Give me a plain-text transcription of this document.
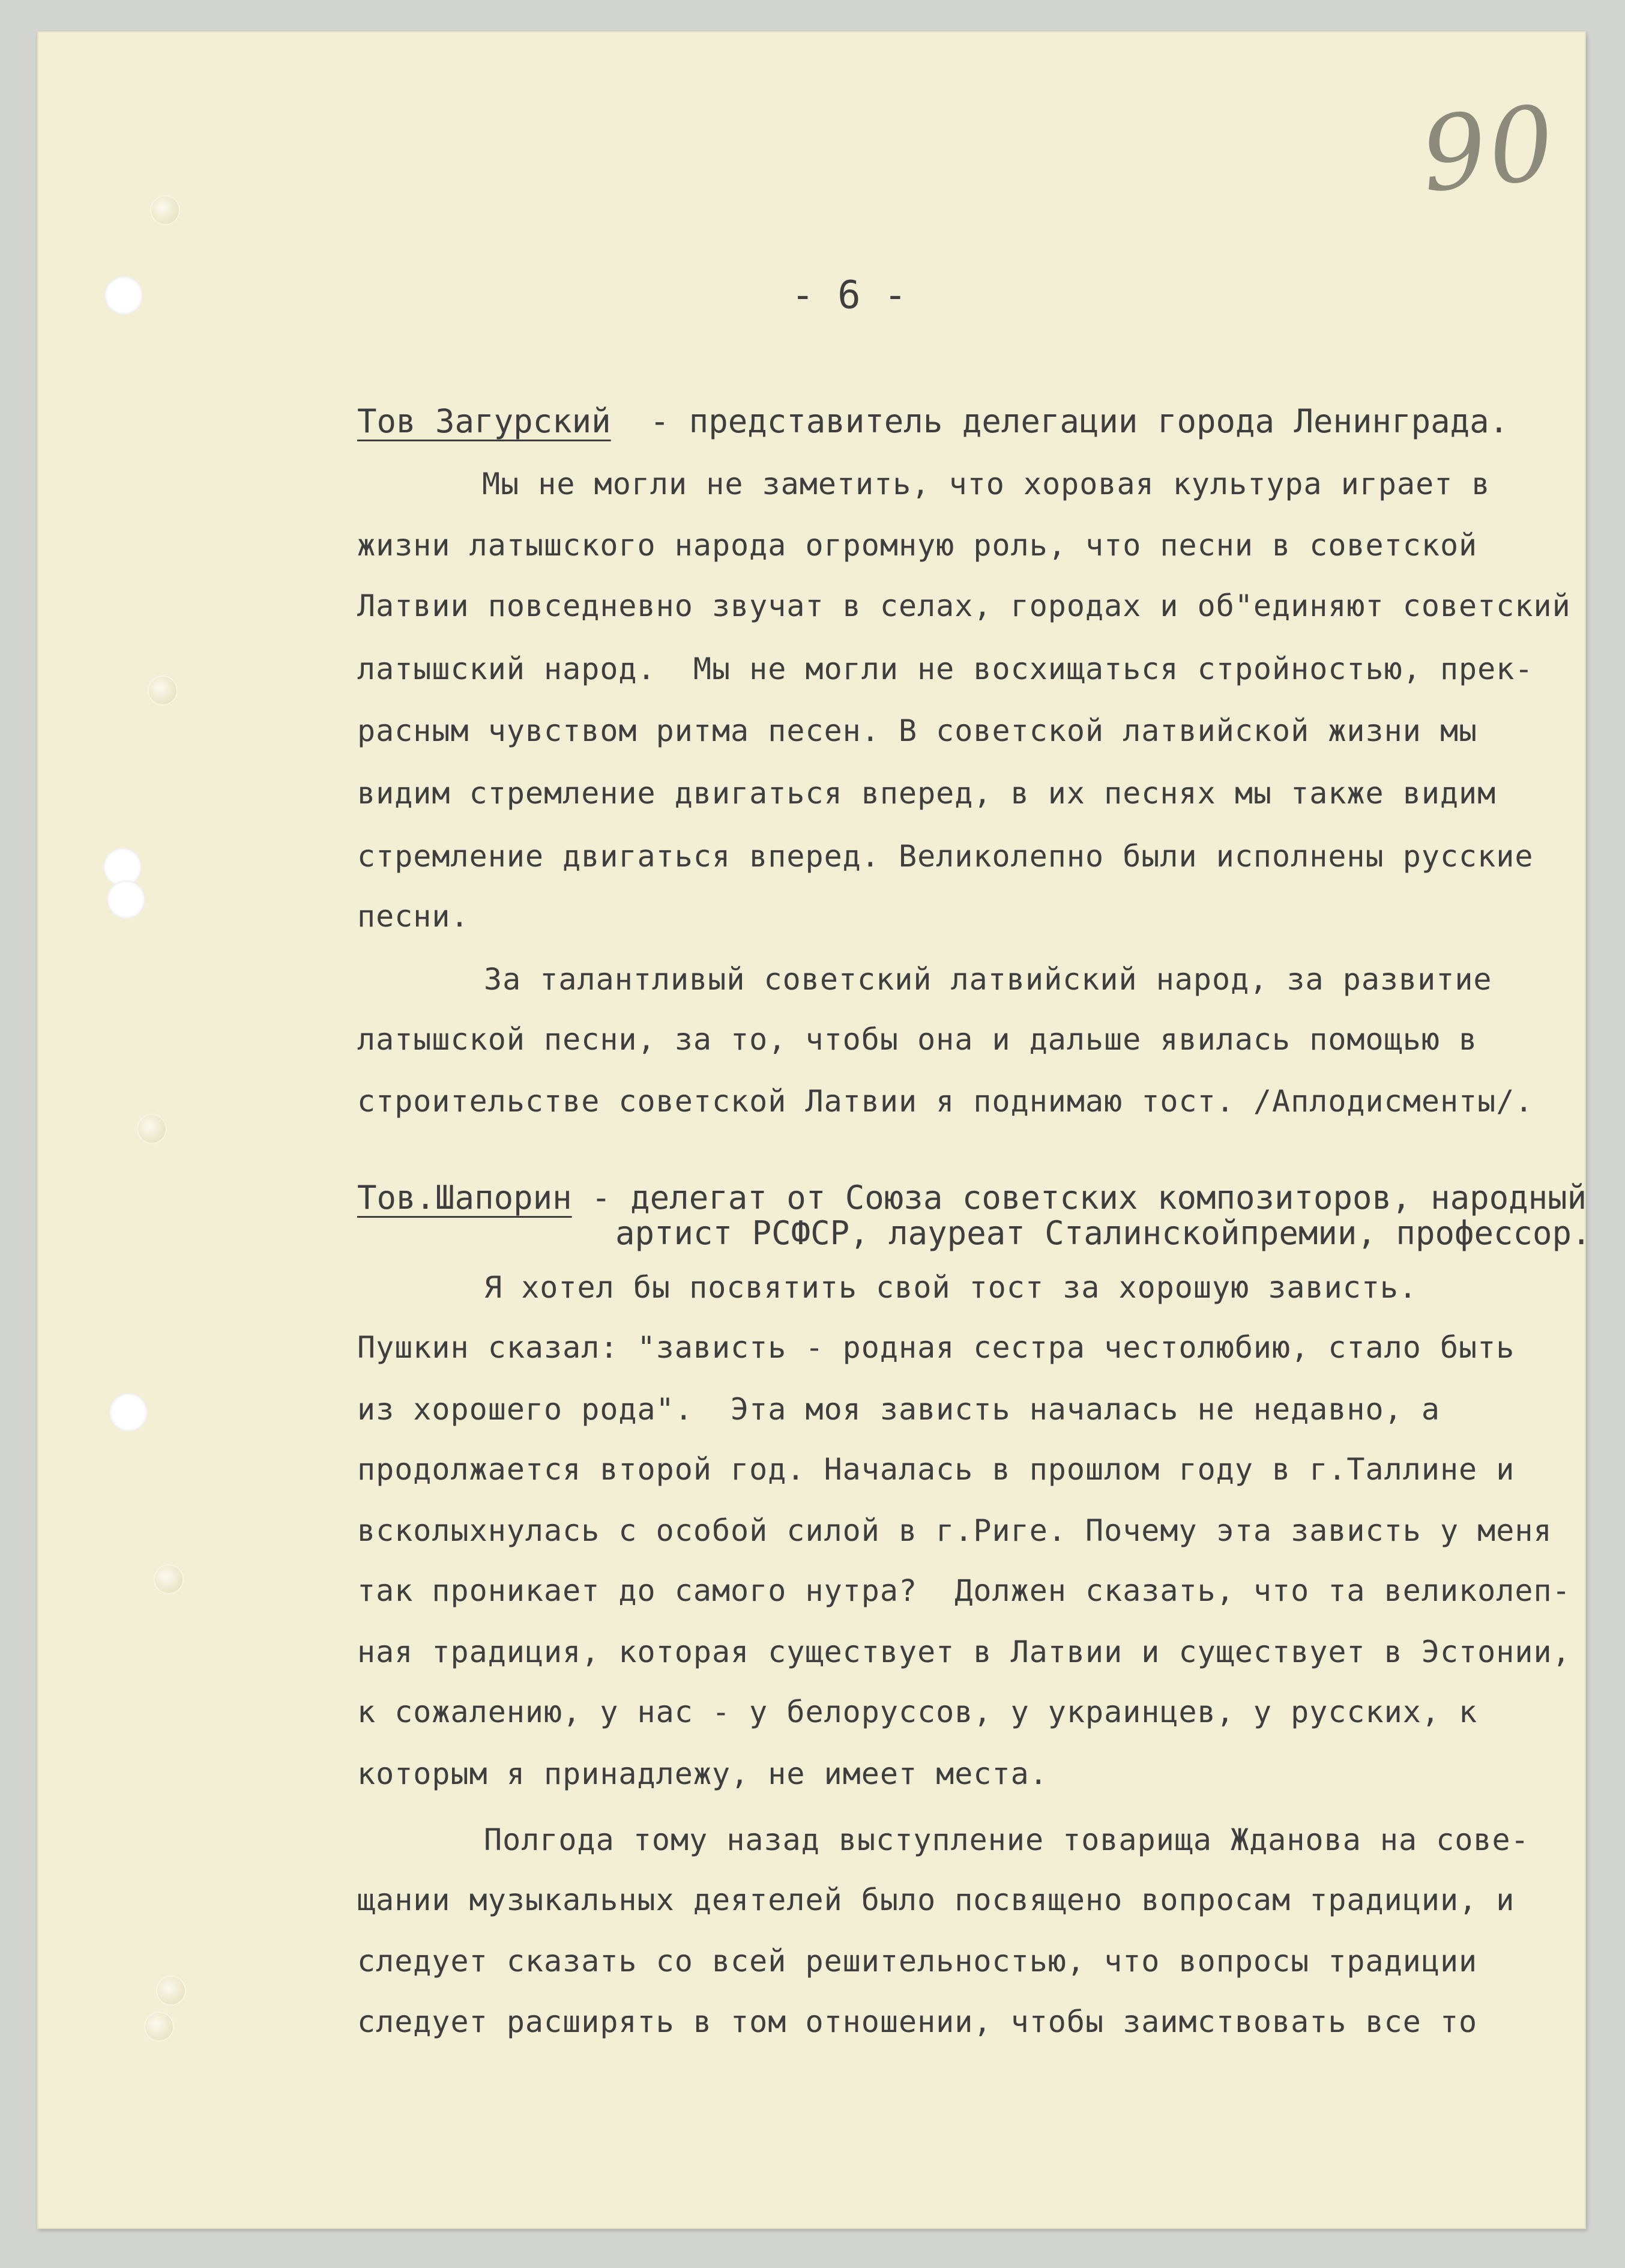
90
- 6 -
Тов Загурский  - представитель делегации города Ленинграда.
Мы не могли не заметить, что хоровая культура играет в
жизни латышского народа огромную роль, что песни в советской
Латвии повседневно звучат в селах, городах и об"единяют советский
латышский народ.  Мы не могли не восхищаться стройностью, прек-
расным чувством ритма песен. В советской латвийской жизни мы
видим стремление двигаться вперед, в их песнях мы также видим
стремление двигаться вперед. Великолепно были исполнены русские
песни.
За талантливый советский латвийский народ, за развитие
латышской песни, за то, чтобы она и дальше явилась помощью в
строительстве советской Латвии я поднимаю тост. /Аплодисменты/.
Тов.Шапорин - делегат от Союза советских композиторов, народный
артист РСФСР, лауреат Сталинскойпремии, профессор.
Я хотел бы посвятить свой тост за хорошую зависть.
Пушкин сказал: "зависть - родная сестра честолюбию, стало быть
из хорошего рода".  Эта моя зависть началась не недавно, а
продолжается второй год. Началась в прошлом году в г.Таллине и
всколыхнулась с особой силой в г.Риге. Почему эта зависть у меня
так проникает до самого нутра?  Должен сказать, что та великолеп-
ная традиция, которая существует в Латвии и существует в Эстонии,
к сожалению, у нас - у белоруссов, у украинцев, у русских, к
которым я принадлежу, не имеет места.
Полгода тому назад выступление товарища Жданова на сове-
щании музыкальных деятелей было посвящено вопросам традиции, и
следует сказать со всей решительностью, что вопросы традиции
следует расширять в том отношении, чтобы заимствовать все то
